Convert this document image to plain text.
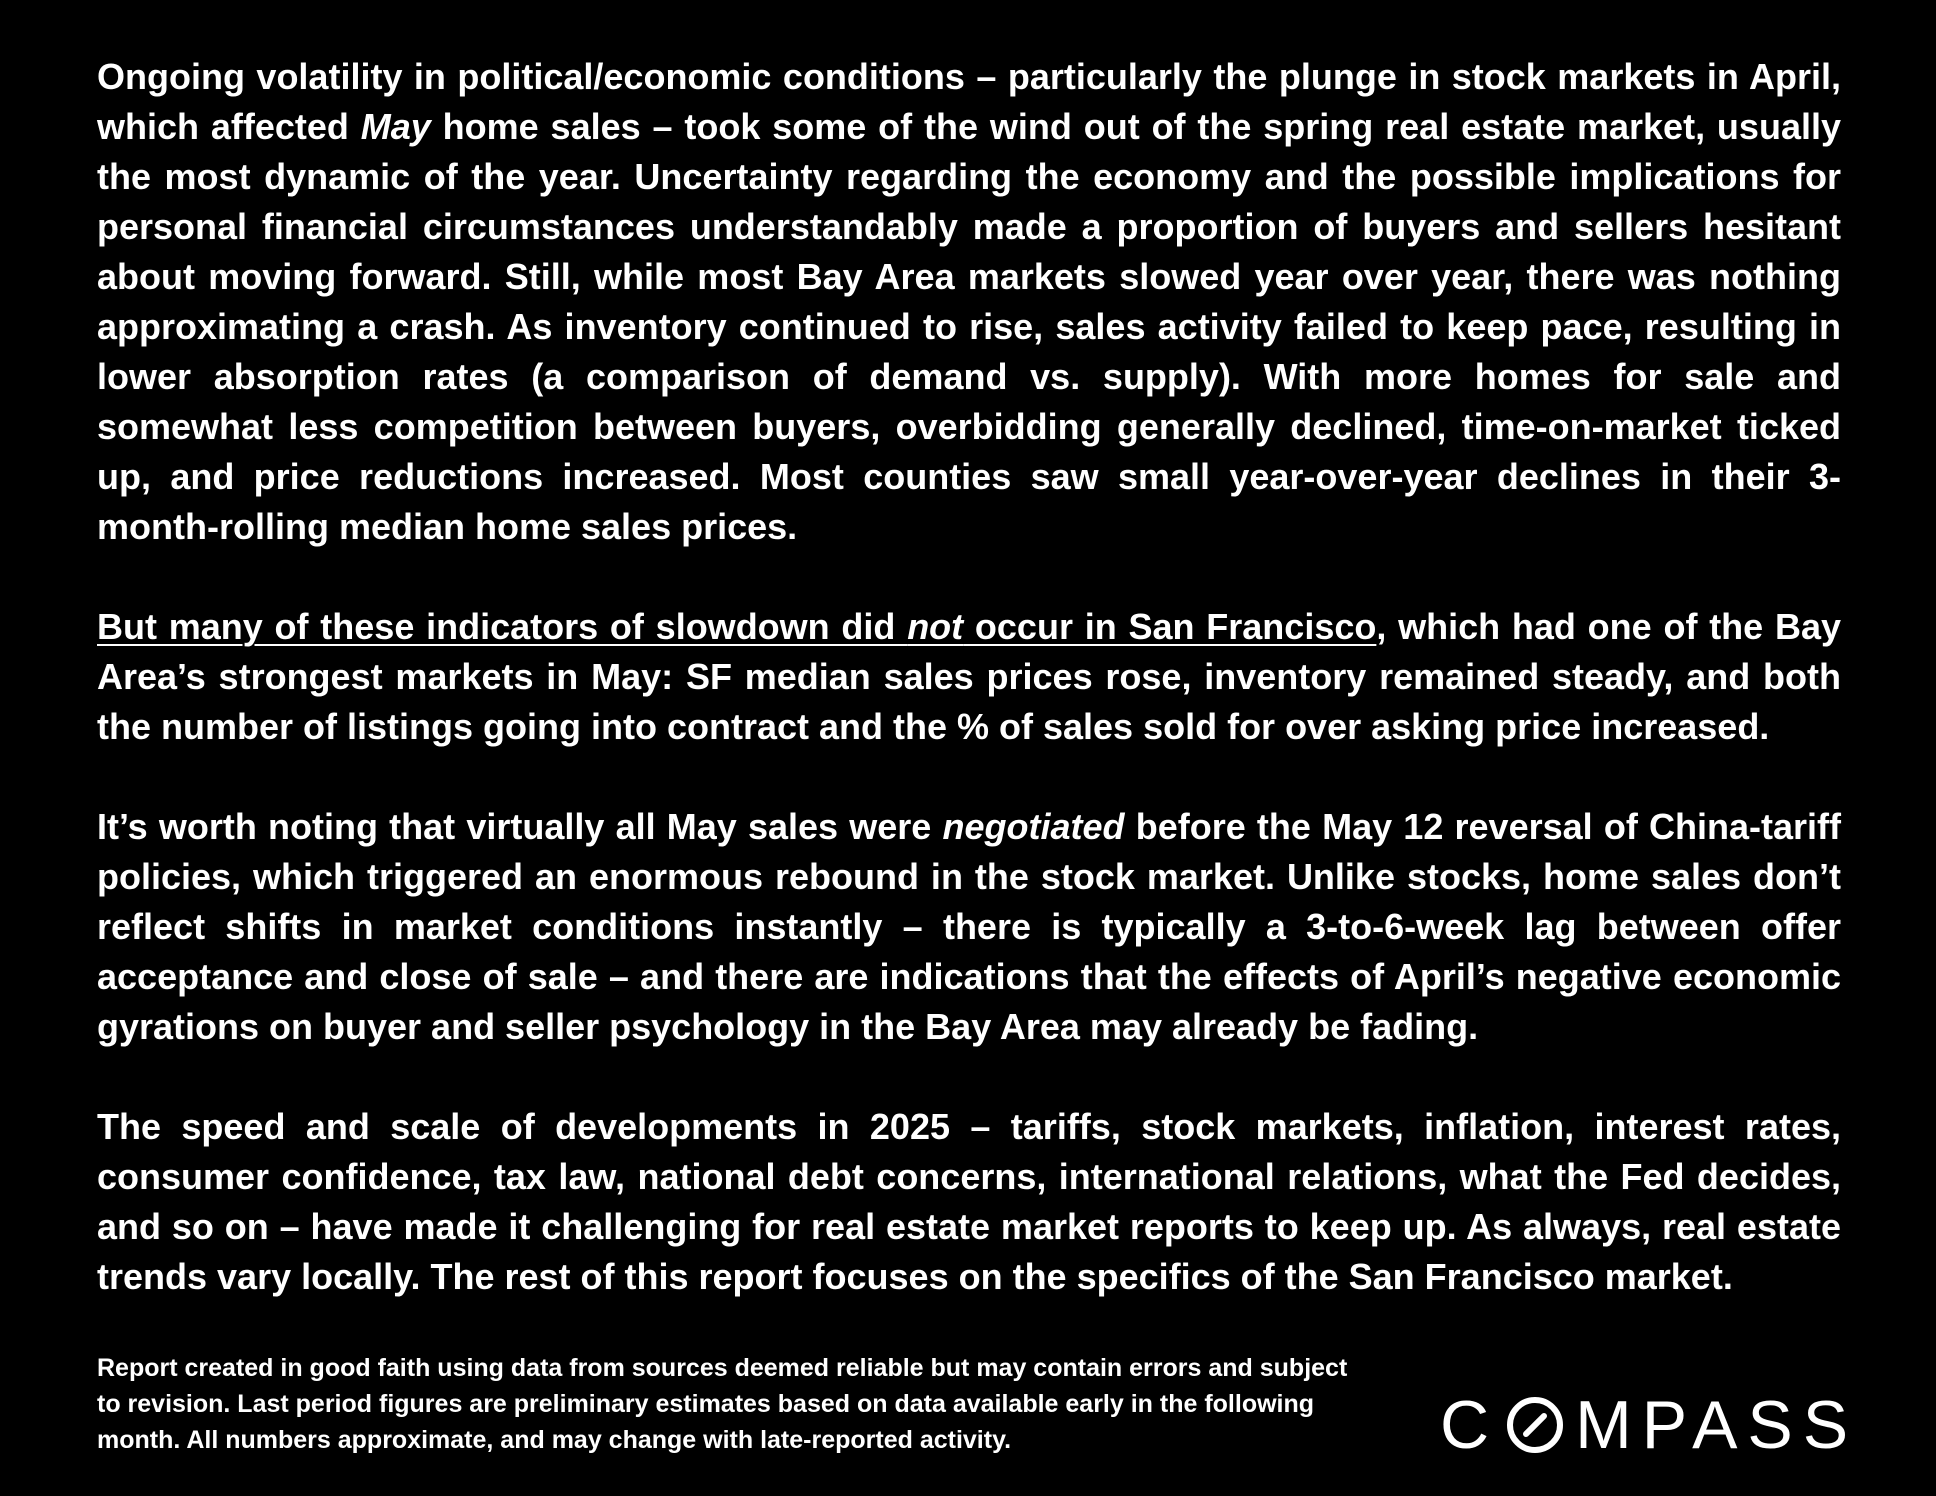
Ongoing volatility in political/economic conditions – particularly the plunge in stock markets in April, which affected May home sales – took some of the wind out of the spring real estate market, usually the most dynamic of the year. Uncertainty regarding the economy and the possible implications for personal financial circumstances understandably made a proportion of buyers and sellers hesitant about moving forward. Still, while most Bay Area markets slowed year over year, there was nothing approximating a crash. As inventory continued to rise, sales activity failed to keep pace, resulting in lower absorption rates (a comparison of demand vs. supply). With more homes for sale and somewhat less competition between buyers, overbidding generally declined, time-on-market ticked up, and price reductions increased. Most counties saw small year-over-year declines in their 3-month-rolling median home sales prices.

But many of these indicators of slowdown did not occur in San Francisco, which had one of the Bay Area’s strongest markets in May: SF median sales prices rose, inventory remained steady, and both the number of listings going into contract and the % of sales sold for over asking price increased.

It’s worth noting that virtually all May sales were negotiated before the May 12 reversal of China-tariff policies, which triggered an enormous rebound in the stock market. Unlike stocks, home sales don’t reflect shifts in market conditions instantly – there is typically a 3-to-6-week lag between offer acceptance and close of sale – and there are indications that the effects of April’s negative economic gyrations on buyer and seller psychology in the Bay Area may already be fading.

The speed and scale of developments in 2025 – tariffs, stock markets, inflation, interest rates, consumer confidence, tax law, national debt concerns, international relations, what the Fed decides, and so on – have made it challenging for real estate market reports to keep up. As always, real estate trends vary locally. The rest of this report focuses on the specifics of the San Francisco market.

Report created in good faith using data from sources deemed reliable but may contain errors and subject to revision. Last period figures are preliminary estimates based on data available early in the following month. All numbers approximate, and may change with late-reported activity.	C MPASS
